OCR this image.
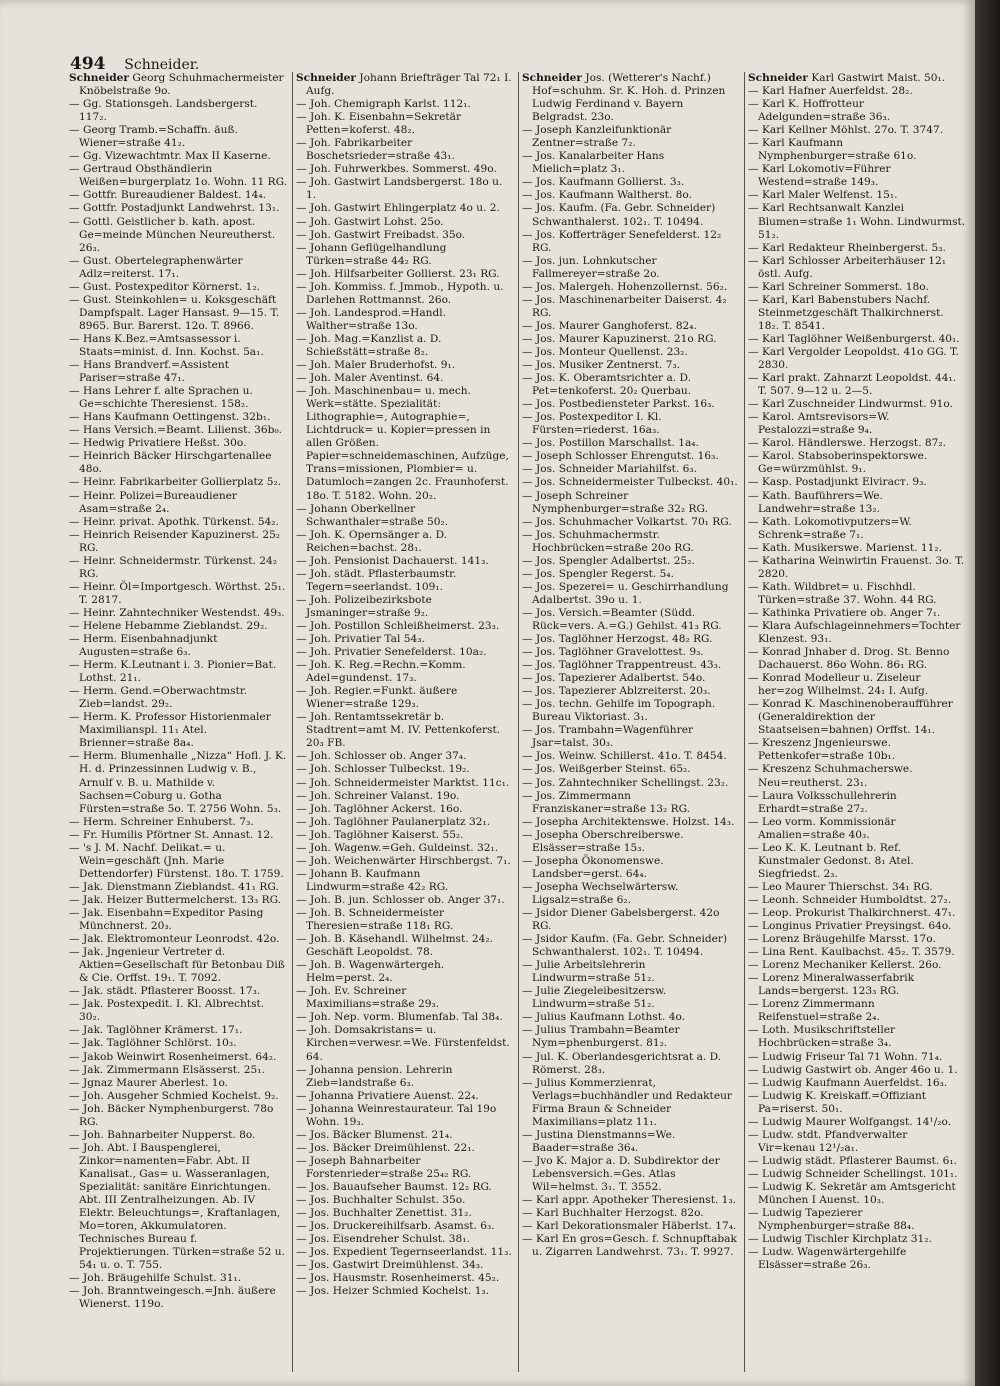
494 Schneider.
Schneider Georg Schuhmachermeister Knöbelstraße 9o.
— Gg. Stationsgeh. Landsbergerst. 117₂.
— Georg Tramb.=Schaffn. äuß. Wiener=straße 41₂.
— Gg. Vizewachtmtr. Max II Kaserne.
— Gertraud Obsthändlerin Weißen=burgerplatz 1o. Wohn. 11 RG.
— Gottfr. Bureaudiener Baldest. 14₄.
— Gottfr. Postadjunkt Landwehrst. 13₁.
— Gottl. Geistlicher b. kath. apost. Ge=meinde München Neureutherst. 26₃.
— Gust. Obertelegraphenwärter Adlz=reiterst. 17₁.
— Gust. Postexpeditor Körnerst. 1₂.
— Gust. Steinkohlen= u. Koksgeschäft Dampfspalt. Lager Hansast. 9—15. T. 8965. Bur. Barerst. 12o. T. 8966.
— Hans K.Bez.=Amtsassessor i. Staats=minist. d. Inn. Kochst. 5a₁.
— Hans Brandverf.=Assistent Pariser=straße 47₁.
— Hans Lehrer f. alte Sprachen u. Ge=schichte Theresienst. 158₂.
— Hans Kaufmann Oettingenst. 32b₁.
— Hans Versich.=Beamt. Lilienst. 36b₀.
— Hedwig Privatiere Heßst. 30o.
— Heinrich Bäcker Hirschgartenallee 48o.
— Heinr. Fabrikarbeiter Gollierplatz 5₂.
— Heinr. Polizei=Bureaudiener Asam=straße 2₄.
— Heinr. privat. Apothk. Türkenst. 54₂.
— Heinrich Reisender Kapuzinerst. 25₂ RG.
— Heinr. Schneidermstr. Türkenst. 24₂ RG.
— Heinr. Öl=Importgesch. Wörthst. 25₁. T. 2817.
— Heinr. Zahntechniker Westendst. 49₃.
— Helene Hebamme Zieblandst. 29₂.
— Herm. Eisenbahnadjunkt Augusten=straße 6₃.
— Herm. K.Leutnant i. 3. Pionier=Bat. Lothst. 21₁.
— Herm. Gend.=Oberwachtmstr. Zieb=landst. 29₂.
— Herm. K. Professor Historienmaler Maximilianspl. 11₁ Atel. Brienner=straße 8a₄.
— Herm. Blumenhalle „Nizza“ Hofl. J. K. H. d. Prinzessinnen Ludwig v. B., Arnulf v. B. u. Mathilde v. Sachsen=Coburg u. Gotha Fürsten=straße 5o. T. 2756 Wohn. 5₃.
— Herm. Schreiner Enhuberst. 7₃.
— Fr. Humilis Pförtner St. Annast. 12.
— 's J. M. Nachf. Delikat.= u. Wein=geschäft (Jnh. Marie Dettendorfer) Fürstenst. 18o. T. 1759.
— Jak. Dienstmann Zieblandst. 41₁ RG.
— Jak. Heizer Buttermelcherst. 13₃ RG.
— Jak. Eisenbahn=Expeditor Pasing Münchnerst. 20₃.
— Jak. Elektromonteur Leonrodst. 42o.
— Jak. Jngenieur Vertreter d. Aktien=Gesellschaft für Betonbau Diß & Cie. Orffst. 19₁. T. 7092.
— Jak. städt. Pflasterer Boosst. 17₃.
— Jak. Postexpedit. I. Kl. Albrechtst. 30₂.
— Jak. Taglöhner Krämerst. 17₁.
— Jak. Taglöhner Schlörst. 10₃.
— Jakob Weinwirt Rosenheimerst. 64₂.
— Jak. Zimmermann Elsässerst. 25₁.
— Jgnaz Maurer Aberlest. 1o.
— Joh. Ausgeher Schmied Kochelst. 9₂.
— Joh. Bäcker Nymphenburgerst. 78o RG.
— Joh. Bahnarbeiter Nupperst. 8o.
— Joh. Abt. I Bauspenglerei, Zinkor=namenten=Fabr. Abt. II Kanalisat., Gas= u. Wasseranlagen, Spezialität: sanitäre Einrichtungen. Abt. III Zentralheizungen. Ab. IV Elektr. Beleuchtungs=, Kraftanlagen, Mo=toren, Akkumulatoren. Technisches Bureau f. Projektierungen. Türken=straße 52 u. 54₁ u. o. T. 755.
— Joh. Bräugehilfe Schulst. 31₁.
— Joh. Branntweingesch.=Jnh. äußere Wienerst. 119o.
Schneider Johann Briefträger Tal 72₁ I. Aufg.
— Joh. Chemigraph Karlst. 112₁.
— Joh. K. Eisenbahn=Sekretär Petten=koferst. 48₂.
— Joh. Fabrikarbeiter Boschetsrieder=straße 43₁.
— Joh. Fuhrwerkbes. Sommerst. 49o.
— Joh. Gastwirt Landsbergerst. 18o u. 1.
— Joh. Gastwirt Ehlingerplatz 4o u. 2.
— Joh. Gastwirt Lohst. 25o.
— Joh. Gastwirt Freibadst. 35o.
— Johann Geflügelhandlung Türken=straße 44₂ RG.
— Joh. Hilfsarbeiter Gollierst. 23₁ RG.
— Joh. Kommiss. f. Jmmob., Hypoth. u. Darlehen Rottmannst. 26o.
— Joh. Landesprod.=Handl. Walther=straße 13o.
— Joh. Mag.=Kanzlist a. D. Schießstätt=straße 8₂.
— Joh. Maler Bruderhofst. 9₁.
— Joh. Maler Aventinst. 64.
— Joh. Maschinenbau= u. mech. Werk=stätte. Spezialität: Lithographie=, Autographie=, Lichtdruck= u. Kopier=pressen in allen Größen. Papier=schneidemaschinen, Aufzüge, Trans=missionen, Plombier= u. Datumloch=zangen 2c. Fraunhoferst. 18o. T. 5182. Wohn. 20₂.
— Johann Oberkellner Schwanthaler=straße 50₂.
— Joh. K. Opernsänger a. D. Reichen=bachst. 28₁.
— Joh. Pensionist Dachauerst. 141₃.
— Joh. städt. Pflasterbaumstr. Tegern=seerlandst. 109₁.
— Joh. Polizeibezirksbote Jsmaninger=straße 9₂.
— Joh. Postillon Schleißheimerst. 23₃.
— Joh. Privatier Tal 54₃.
— Joh. Privatier Senefelderst. 10a₂.
— Joh. K. Reg.=Rechn.=Komm. Adel=gundenst. 17₃.
— Joh. Regier.=Funkt. äußere Wiener=straße 129₃.
— Joh. Rentamtssekretär b. Stadtrent=amt M. IV. Pettenkoferst. 20₃ FB.
— Joh. Schlosser ob. Anger 37₄.
— Joh. Schlosser Tulbeckst. 19₂.
— Joh. Schneidermeister Marktst. 11c₁.
— Joh. Schreiner Valanst. 19o.
— Joh. Taglöhner Ackerst. 16o.
— Joh. Taglöhner Paulanerplatz 32₁.
— Joh. Taglöhner Kaiserst. 55₂.
— Joh. Wagenw.=Geh. Guldeinst. 32₁.
— Joh. Weichenwärter Hirschbergst. 7₁.
— Johann B. Kaufmann Lindwurm=straße 42₂ RG.
— Joh. B. jun. Schlosser ob. Anger 37₁.
— Joh. B. Schneidermeister Theresien=straße 118₁ RG.
— Joh. B. Käsehandl. Wilhelmst. 24₂. Geschäft Leopoldst. 78.
— Joh. B. Wagenwärtergeh. Helm=perst. 2₄.
— Joh. Ev. Schreiner Maximilians=straße 29₃.
— Joh. Nep. vorm. Blumenfab. Tal 38₄.
— Joh. Domsakristans= u. Kirchen=verwesr.=We. Fürstenfeldst. 64.
— Johanna pension. Lehrerin Zieb=landstraße 6₃.
— Johanna Privatiere Auenst. 22₄.
— Johanna Weinrestaurateur. Tal 19o Wohn. 19₃.
— Jos. Bäcker Blumenst. 21₄.
— Jos. Bäcker Dreimühlenst. 22₁.
— Joseph Bahnarbeiter Forstenrieder=straße 25₄₂ RG.
— Jos. Bauaufseher Baumst. 12₂ RG.
— Jos. Buchhalter Schulst. 35o.
— Jos. Buchhalter Zenettist. 31₂.
— Jos. Druckereihilfsarb. Asamst. 6₃.
— Jos. Eisendreher Schulst. 38₁.
— Jos. Expedient Tegernseerlandst. 11₃.
— Jos. Gastwirt Dreimühlenst. 34₃.
— Jos. Hausmstr. Rosenheimerst. 45₂.
— Jos. Heizer Schmied Kochelst. 1₃.
Schneider Jos. (Wetterer's Nachf.) Hof=schuhm. Sr. K. Hoh. d. Prinzen Ludwig Ferdinand v. Bayern Belgradst. 23o.
— Joseph Kanzleifunktionär Zentner=straße 7₂.
— Jos. Kanalarbeiter Hans Mielich=platz 3₁.
— Jos. Kaufmann Gollierst. 3₃.
— Jos. Kaufmann Waltherst. 8o.
— Jos. Kaufm. (Fa. Gebr. Schneider) Schwanthalerst. 102₁. T. 10494.
— Jos. Kofferträger Senefelderst. 12₂ RG.
— Jos. jun. Lohnkutscher Fallmereyer=straße 2o.
— Jos. Malergeh. Hohenzollernst. 56₂.
— Jos. Maschinenarbeiter Daiserst. 4₂ RG.
— Jos. Maurer Ganghoferst. 82₄.
— Jos. Maurer Kapuzinerst. 21o RG.
— Jos. Monteur Quellenst. 23₂.
— Jos. Musiker Zentnerst. 7₃.
— Jos. K. Oberamtsrichter a. D. Pet=tenkoferst. 20₂ Querbau.
— Jos. Postbediensteter Parkst. 16₃.
— Jos. Postexpeditor I. Kl. Fürsten=riederst. 16a₃.
— Jos. Postillon Marschallst. 1a₄.
— Joseph Schlosser Ehrengutst. 16₃.
— Jos. Schneider Mariahilfst. 6₃.
— Jos. Schneidermeister Tulbeckst. 40₁.
— Joseph Schreiner Nymphenburger=straße 32₂ RG.
— Jos. Schuhmacher Volkartst. 70₁ RG.
— Jos. Schuhmachermstr. Hochbrücken=straße 20o RG.
— Jos. Spengler Adalbertst. 25₂.
— Jos. Spengler Regerst. 5₄.
— Jos. Spezerei= u. Geschirrhandlung Adalbertst. 39o u. 1.
— Jos. Versich.=Beamter (Südd. Rück=vers. A.=G.) Gehilst. 41₃ RG.
— Jos. Taglöhner Herzogst. 48₂ RG.
— Jos. Taglöhner Gravelottest. 9₃.
— Jos. Taglöhner Trappentreust. 43₃.
— Jos. Tapezierer Adalbertst. 54o.
— Jos. Tapezierer Ablzreiterst. 20₃.
— Jos. techn. Gehilfe im Topograph. Bureau Viktoriast. 3₁.
— Jos. Trambahn=Wagenführer Jsar=talst. 30₃.
— Jos. Weinw. Schillerst. 41o. T. 8454.
— Jos. Weißgerber Steinst. 65₂.
— Jos. Zahntechniker Schellingst. 23₂.
— Jos. Zimmermann Franziskaner=straße 13₂ RG.
— Josepha Architektenswe. Holzst. 14₃.
— Josepha Oberschreiberswe. Elsässer=straße 15₃.
— Josepha Ökonomenswe. Landsber=gerst. 64₄.
— Josepha Wechselwärtersw. Ligsalz=straße 6₂.
— Jsidor Diener Gabelsbergerst. 42o RG.
— Jsidor Kaufm. (Fa. Gebr. Schneider) Schwanthalerst. 102₁. T. 10494.
— Julie Arbeitslehrerin Lindwurm=straße 51₂.
— Julie Ziegeleibesitzersw. Lindwurm=straße 51₂.
— Julius Kaufmann Lothst. 4o.
— Julius Trambahn=Beamter Nym=phenburgerst. 81₂.
— Jul. K. Oberlandesgerichtsrat a. D. Römerst. 28₃.
— Julius Kommerzienrat, Verlags=buchhändler und Redakteur Firma Braun & Schneider Maximilians=platz 11₁.
— Justina Dienstmanns=We. Baader=straße 36₄.
— Jvo K. Major a. D. Subdirektor der Lebensversich.=Ges. Atlas Wil=helmst. 3₁. T. 3552.
— Karl appr. Apotheker Theresienst. 1₃.
— Karl Buchhalter Herzogst. 82o.
— Karl Dekorationsmaler Häberlst. 17₄.
— Karl En gros=Gesch. f. Schnupftabak u. Zigarren Landwehrst. 73₁. T. 9927.
Schneider Karl Gastwirt Maist. 50₁.
— Karl Hafner Auerfeldst. 28₂.
— Karl K. Hoffrotteur Adelgunden=straße 36₃.
— Karl Kellner Möhlst. 27o. T. 3747.
— Karl Kaufmann Nymphenburger=straße 61o.
— Karl Lokomotiv=Führer Westend=straße 149₃.
— Karl Maler Welfenst. 15₁.
— Karl Rechtsanwalt Kanzlei Blumen=straße 1₁ Wohn. Lindwurmst. 51₂.
— Karl Redakteur Rheinbergerst. 5₃.
— Karl Schlosser Arbeiterhäuser 12₁ östl. Aufg.
— Karl Schreiner Sommerst. 18o.
— Karl, Karl Babenstubers Nachf. Steinmetzgeschäft Thalkirchnerst. 18₂. T. 8541.
— Karl Taglöhner Weißenburgerst. 40₁.
— Karl Vergolder Leopoldst. 41o GG. T. 2830.
— Karl prakt. Zahnarzt Leopoldst. 44₁. T. 507. 9—12 u. 2—5.
— Karl Zuschneider Lindwurmst. 91o.
— Karol. Amtsrevisors=W. Pestalozzi=straße 9₄.
— Karol. Händlerswe. Herzogst. 87₂.
— Karol. Stabsoberinspektorswe. Ge=würzmühlst. 9₁.
— Kasp. Postadjunkt Elviraст. 9₃.
— Kath. Bauführers=We. Landwehr=straße 13₂.
— Kath. Lokomotivputzers=W. Schrenk=straße 7₁.
— Kath. Musikerswe. Marienst. 11₂.
— Katharina Weinwirtin Frauenst. 3o. T. 2820.
— Kath. Wildbret= u. Fischhdl. Türken=straße 37. Wohn. 44 RG.
— Kathinka Privatiere ob. Anger 7₁.
— Klara Aufschlageinnehmers=Tochter Klenzest. 93₁.
— Konrad Jnhaber d. Drog. St. Benno Dachauerst. 86o Wohn. 86₁ RG.
— Konrad Modelleur u. Ziseleur her=zog Wilhelmst. 24₁ I. Aufg.
— Konrad K. Maschinenoberaufführer (Generaldirektion der Staatseisen=bahnen) Orffst. 14₁.
— Kreszenz Jngenieurswe. Pettenkofer=straße 10b₁.
— Kreszenz Schuhmacherswe. Neu=reutherst. 23₁.
— Laura Volksschullehrerin Erhardt=straße 27₂.
— Leo vorm. Kommissionär Amalien=straße 40₃.
— Leo K. K. Leutnant b. Ref. Kunstmaler Gedonst. 8₁ Atel. Siegfriedst. 2₃.
— Leo Maurer Thierschst. 34₁ RG.
— Leonh. Schneider Humboldtst. 27₂.
— Leop. Prokurist Thalkirchnerst. 47₁.
— Longinus Privatier Preysingst. 64o.
— Lorenz Bräugehilfe Marsst. 17o.
— Lina Rent. Kaulbachst. 45₂. T. 3579.
— Lorenz Mechaniker Kellerst. 26o.
— Lorenz Mineralwasserfabrik Lands=bergerst. 123₃ RG.
— Lorenz Zimmermann Reifenstuel=straße 2₄.
— Loth. Musikschriftsteller Hochbrücken=straße 3₄.
— Ludwig Friseur Tal 71 Wohn. 71₄.
— Ludwig Gastwirt ob. Anger 46o u. 1.
— Ludwig Kaufmann Auerfeldst. 16₃.
— Ludwig K. Kreiskaff.=Offiziant Pa=riserst. 50₁.
— Ludwig Maurer Wolfgangst. 14¹/₂o.
— Ludw. stdt. Pfandverwalter Vir=kenau 12¹/₂a₁.
— Ludwig städt. Pflasterer Baumst. 6₁.
— Ludwig Schneider Schellingst. 101₁.
— Ludwig K. Sekretär am Amtsgericht München I Auenst. 10₃.
— Ludwig Tapezierer Nymphenburger=straße 88₄.
— Ludwig Tischler Kirchplatz 31₂.
— Ludw. Wagenwärtergehilfe Elsässer=straße 26₃.
